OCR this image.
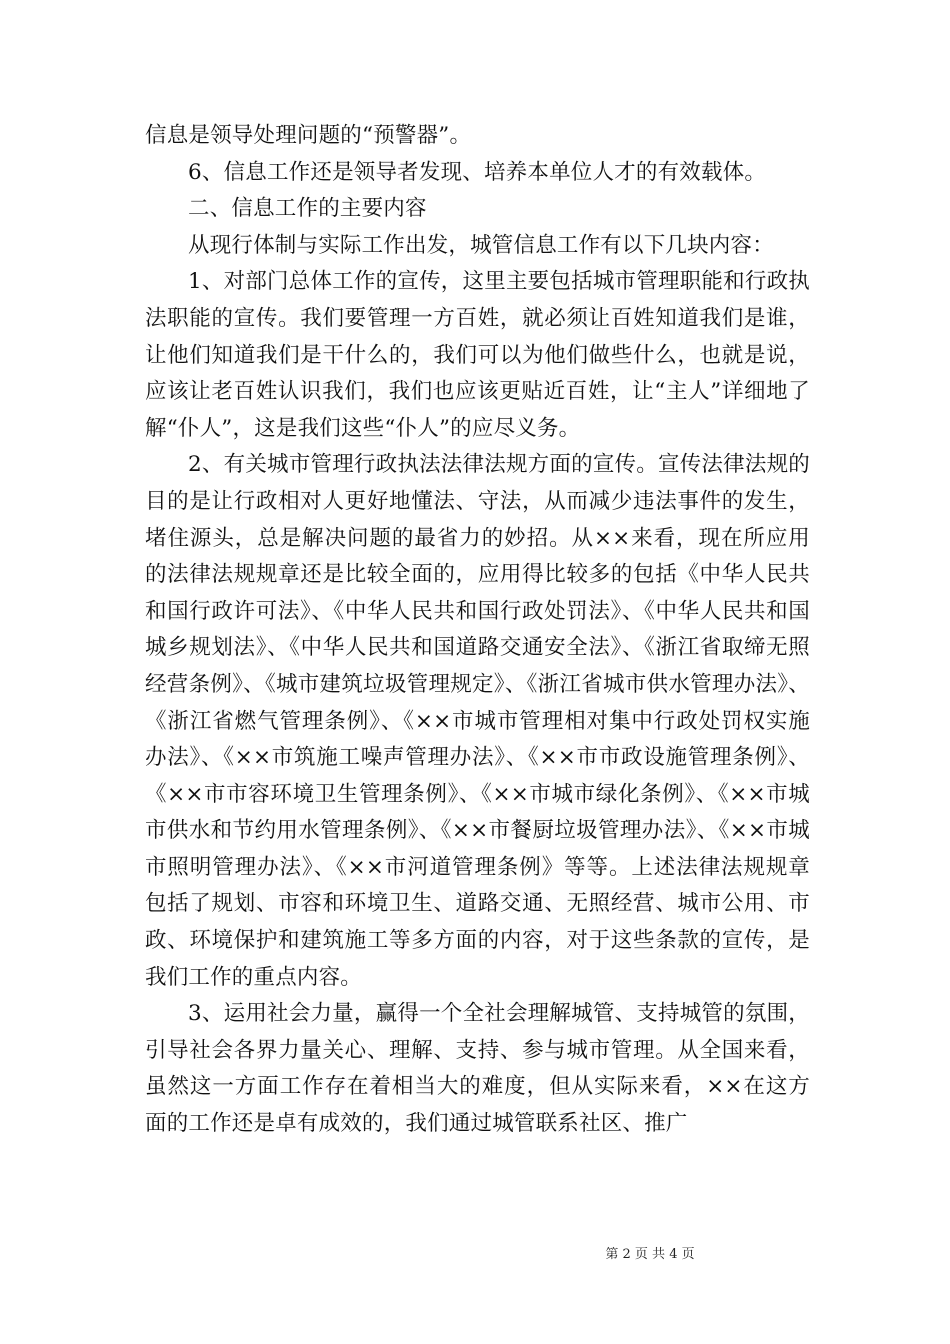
信息是领导处理问题的“预警器”。

6、信息工作还是领导者发现、培养本单位人才的有效载体。

二、信息工作的主要内容

从现行体制与实际工作出发，城管信息工作有以下几块内容：

1、对部门总体工作的宣传，这里主要包括城市管理职能和行政执法职能的宣传。我们要管理一方百姓，就必须让百姓知道我们是谁，让他们知道我们是干什么的，我们可以为他们做些什么，也就是说，应该让老百姓认识我们，我们也应该更贴近百姓，让“主人”详细地了解“仆人”，这是我们这些“仆人”的应尽义务。

2、有关城市管理行政执法法律法规方面的宣传。宣传法律法规的目的是让行政相对人更好地懂法、守法，从而减少违法事件的发生，堵住源头，总是解决问题的最省力的妙招。从××来看，现在所应用的法律法规规章还是比较全面的，应用得比较多的包括《中华人民共和国行政许可法》、《中华人民共和国行政处罚法》、《中华人民共和国城乡规划法》、《中华人民共和国道路交通安全法》、《浙江省取缔无照经营条例》、《城市建筑垃圾管理规定》、《浙江省城市供水管理办法》、《浙江省燃气管理条例》、《××市城市管理相对集中行政处罚权实施办法》、《××市筑施工噪声管理办法》、《××市市政设施管理条例》、《××市市容环境卫生管理条例》、《××市城市绿化条例》、《××市城市供水和节约用水管理条例》、《××市餐厨垃圾管理办法》、《××市城市照明管理办法》、《××市河道管理条例》等等。上述法律法规规章包括了规划、市容和环境卫生、道路交通、无照经营、城市公用、市政、环境保护和建筑施工等多方面的内容，对于这些条款的宣传，是我们工作的重点内容。

3、运用社会力量，赢得一个全社会理解城管、支持城管的氛围，引导社会各界力量关心、理解、支持、参与城市管理。从全国来看，虽然这一方面工作存在着相当大的难度，但从实际来看，××在这方面的工作还是卓有成效的，我们通过城管联系社区、推广

第 2 页 共 4 页
